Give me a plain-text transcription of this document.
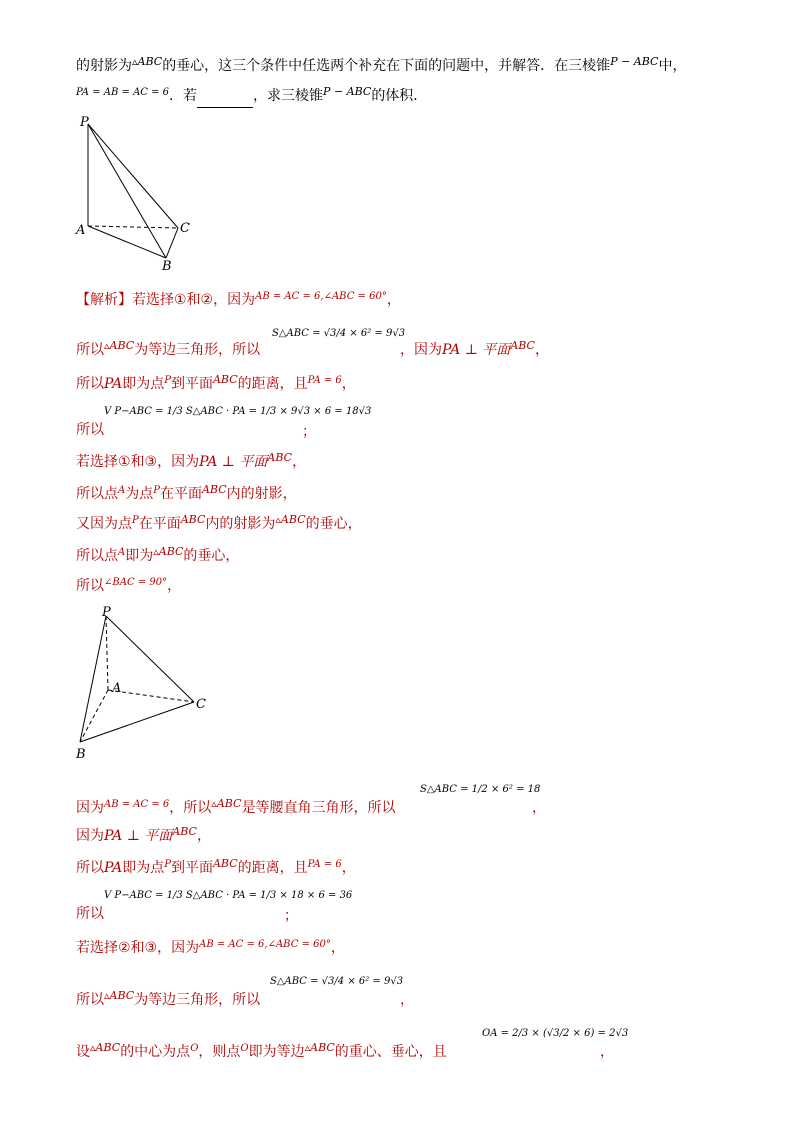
的射影为$^{▵ABC}$的垂心，这三个条件中任选两个补充在下面的问题中，并解答．在三棱锥$^{P - ABC}$中，
$^{PA = AB = AC = 6}$．若	，求三棱锥$^{P - ABC}$的体积．
P
A	C
B
【解析】若选择①和②，因为$^{AB = AC = 6,\angle ABC = 60^\circ}$，
所以$^{▵ABC}$为等边三角形，所以
S△ABC = √3/4 × 6² = 9√3
，因为PA ⊥ 平面$^{ABC}$，
所以PA即为点$^P$到平面$^{ABC}$的距离，且$^{PA = 6}$，
所以
V P−ABC = 1/3 S△ABC · PA = 1/3 × 9√3 × 6 = 18√3
；
若选择①和③，因为PA ⊥ 平面$^{ABC}$，
所以点$^A$为点$^P$在平面$^{ABC}$内的射影，
又因为点$^P$在平面$^{ABC}$内的射影为$^{▵ABC}$的垂心，
所以点$^A$即为$^{▵ABC}$的垂心，
所以$^{\angle BAC = 90^\circ}$，
P
A
C
B
因为$^{AB = AC = 6}$，所以$^{▵ABC}$是等腰直角三角形，所以
S△ABC = 1/2 × 6² = 18
，
因为PA ⊥ 平面$^{ABC}$，
所以PA即为点$^P$到平面$^{ABC}$的距离，且$^{PA = 6}$，
所以
V P−ABC = 1/3 S△ABC · PA = 1/3 × 18 × 6 = 36
；
若选择②和③，因为$^{AB = AC = 6,\angle ABC = 60^\circ}$，
所以$^{▵ABC}$为等边三角形，所以
S△ABC = √3/4 × 6² = 9√3
，
设$^{▵ABC}$的中心为点$^O$，则点$^O$即为等边$^{▵ABC}$的重心、垂心，且
OA = 2/3 × (√3/2 × 6) = 2√3
，
